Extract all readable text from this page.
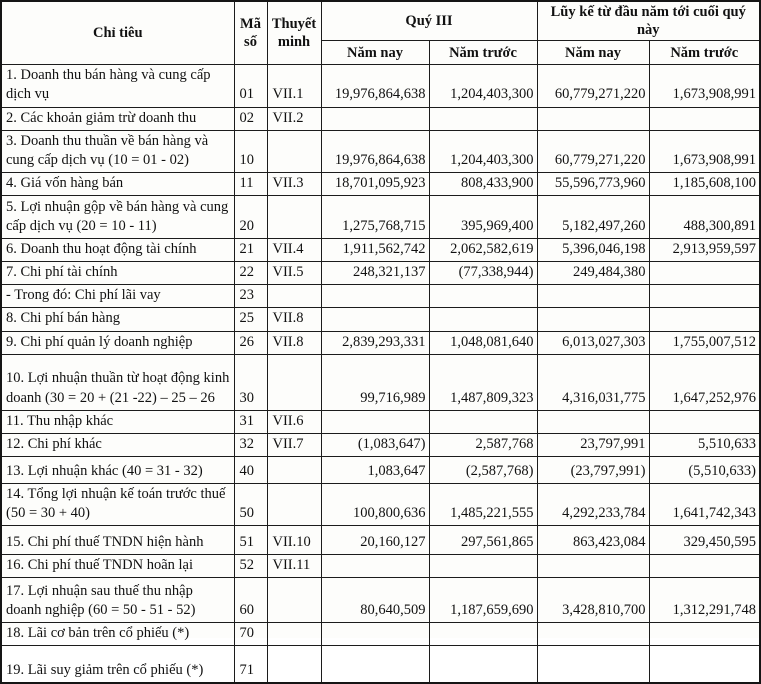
Chỉ tiêu	Mã số	Thuyết minh	Quý III		Lũy kế từ đầu năm tới cuối quý này	
			Năm nay	Năm trước	Năm nay	Năm trước
1. Doanh thu bán hàng và cung cấp dịch vụ	01	VII.1	19,976,864,638	1,204,403,300	60,779,271,220	1,673,908,991
2. Các khoản giảm trừ doanh thu	02	VII.2				
3. Doanh thu thuần về bán hàng và cung cấp dịch vụ (10 = 01 - 02)	10		19,976,864,638	1,204,403,300	60,779,271,220	1,673,908,991
4. Giá vốn hàng bán	11	VII.3	18,701,095,923	808,433,900	55,596,773,960	1,185,608,100
5. Lợi nhuận gộp về bán hàng và cung cấp dịch vụ (20 = 10 - 11)	20		1,275,768,715	395,969,400	5,182,497,260	488,300,891
6. Doanh thu hoạt động tài chính	21	VII.4	1,911,562,742	2,062,582,619	5,396,046,198	2,913,959,597
7. Chi phí tài chính	22	VII.5	248,321,137	(77,338,944)	249,484,380	
- Trong đó: Chi phí lãi vay	23					
8. Chi phí bán hàng	25	VII.8				
9. Chi phí quản lý doanh nghiệp	26	VII.8	2,839,293,331	1,048,081,640	6,013,027,303	1,755,007,512
10. Lợi nhuận thuần từ hoạt động kinh doanh (30 = 20 + (21 -22) – 25 – 26	30		99,716,989	1,487,809,323	4,316,031,775	1,647,252,976
11. Thu nhập khác	31	VII.6				
12. Chi phí khác	32	VII.7	(1,083,647)	2,587,768	23,797,991	5,510,633
13. Lợi nhuận khác (40 = 31 - 32)	40		1,083,647	(2,587,768)	(23,797,991)	(5,510,633)
14. Tổng lợi nhuận kế toán trước thuế (50 = 30 + 40)	50		100,800,636	1,485,221,555	4,292,233,784	1,641,742,343
15. Chi phí thuế TNDN hiện hành	51	VII.10	20,160,127	297,561,865	863,423,084	329,450,595
16. Chi phí thuế TNDN hoãn lại	52	VII.11				
17. Lợi nhuận sau thuế thu nhập doanh nghiệp (60 = 50 - 51 - 52)	60		80,640,509	1,187,659,690	3,428,810,700	1,312,291,748
18. Lãi cơ bản trên cổ phiếu (*)	70					
19. Lãi suy giảm trên cổ phiếu (*)	71					
